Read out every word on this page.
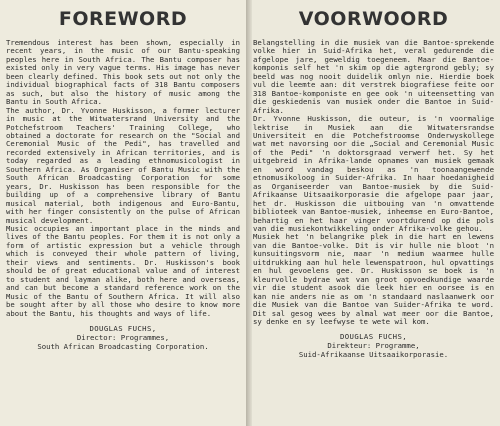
FOREWORD

Tremendous interest has been shown, especially in recent years, in the music of our Bantu-speaking peoples here in South Africa. The Bantu composer has existed only in very vague terms. His image has never been clearly defined. This book sets out not only the individual biographical facts of 318 Bantu composers as such, but also the history of music among the Bantu in South Africa.

The author, Dr. Yvonne Huskisson, a former lecturer in music at the Witwatersrand University and the Potchefstroom Teachers' Training College, who obtained a doctorate for research on the "Social and Ceremonial Music of the Pedi", has travelled and recorded extensively in African territories, and is today regarded as a leading ethnomusicologist in Southern Africa. As Organiser of Bantu Music with the South African Broadcasting Corporation for some years, Dr. Huskisson has been responsible for the building up of a comprehensive library of Bantu musical material, both indigenous and Euro-Bantu, with her finger consistently on the pulse of African musical development.

Music occupies an important place in the minds and lives of the Bantu peoples. For them it is not only a form of artistic expression but a vehicle through which is conveyed their whole pattern of living, their views and sentiments. Dr. Huskisson's book should be of great educational value and of interest to student and layman alike, both here and overseas, and can but become a standard reference work on the Music of the Bantu of Southern Africa. It will also be sought after by all those who desire to know more about the Bantu, his thoughts and ways of life.

DOUGLAS FUCHS,
Director: Programmes,
South African Broadcasting Corporation.
VOORWOORD

Belangstelling in die musiek van die Bantoe-sprekende volke hier in Suid-Afrika het, veral gedurende die afgelope jare, geweldig toegeneem. Maar die Bantoe-komponis self het 'n skim op die agtergrond gebly; sy beeld was nog nooit duidelik omlyn nie. Hierdie boek vul die leemte aan: dit verstrek biografiese feite oor 318 Bantoe-komponiste en gee ook 'n uiteensetting van die geskiedenis van musiek onder die Bantoe in Suid-Afrika.

Dr. Yvonne Huskisson, die outeur, is 'n voormalige lektrise in Musiek aan die Witwatersrandse Universiteit en die Potchefstroomse Onderwyskollege wat met navorsing oor die „Social and Ceremonial Music of the Pedi" 'n doktorsgraad verwerf het. Sy het uitgebreid in Afrika-lande opnames van musiek gemaak en word vandag beskou as 'n toonaangewende etnomusikoloog in Suider-Afrika. In haar hoedanigheid as Organiseerder van Bantoe-musiek by die Suid-Afrikaanse Uitsaaikorporasie die afgelope paar jaar, het dr. Huskisson die uitbouing van 'n omvattende biblioteek van Bantoe-musiek, inheemse en Euro-Bantoe, behartig en het haar vinger voortdurend op die pols van die musiekontwikkeling onder Afrika-volke gehou.

Musiek het 'n belangrike plek in die hart en lewens van die Bantoe-volke. Dit is vir hulle nie bloot 'n kunsuitingsvorm nie, maar 'n medium waarmee hulle uitdrukking aan hul hele lewenspatroon, hul opvattings en hul gevoelens gee. Dr. Huskisson se boek is 'n kleurvolle bydrae wat van groot opvoedkundige waarde vir die student asook die leek hier en oorsee is en kan nie anders nie as om 'n standaard naslaanwerk oor die Musiek van die Bantoe van Suider-Afrika te word. Dit sal gesog wees by almal wat meer oor die Bantoe, sy denke en sy leefwyse te wete wil kom.

DOUGLAS FUCHS,
Direkteur: Programme,
Suid-Afrikaanse Uitsaaikorporasie.
